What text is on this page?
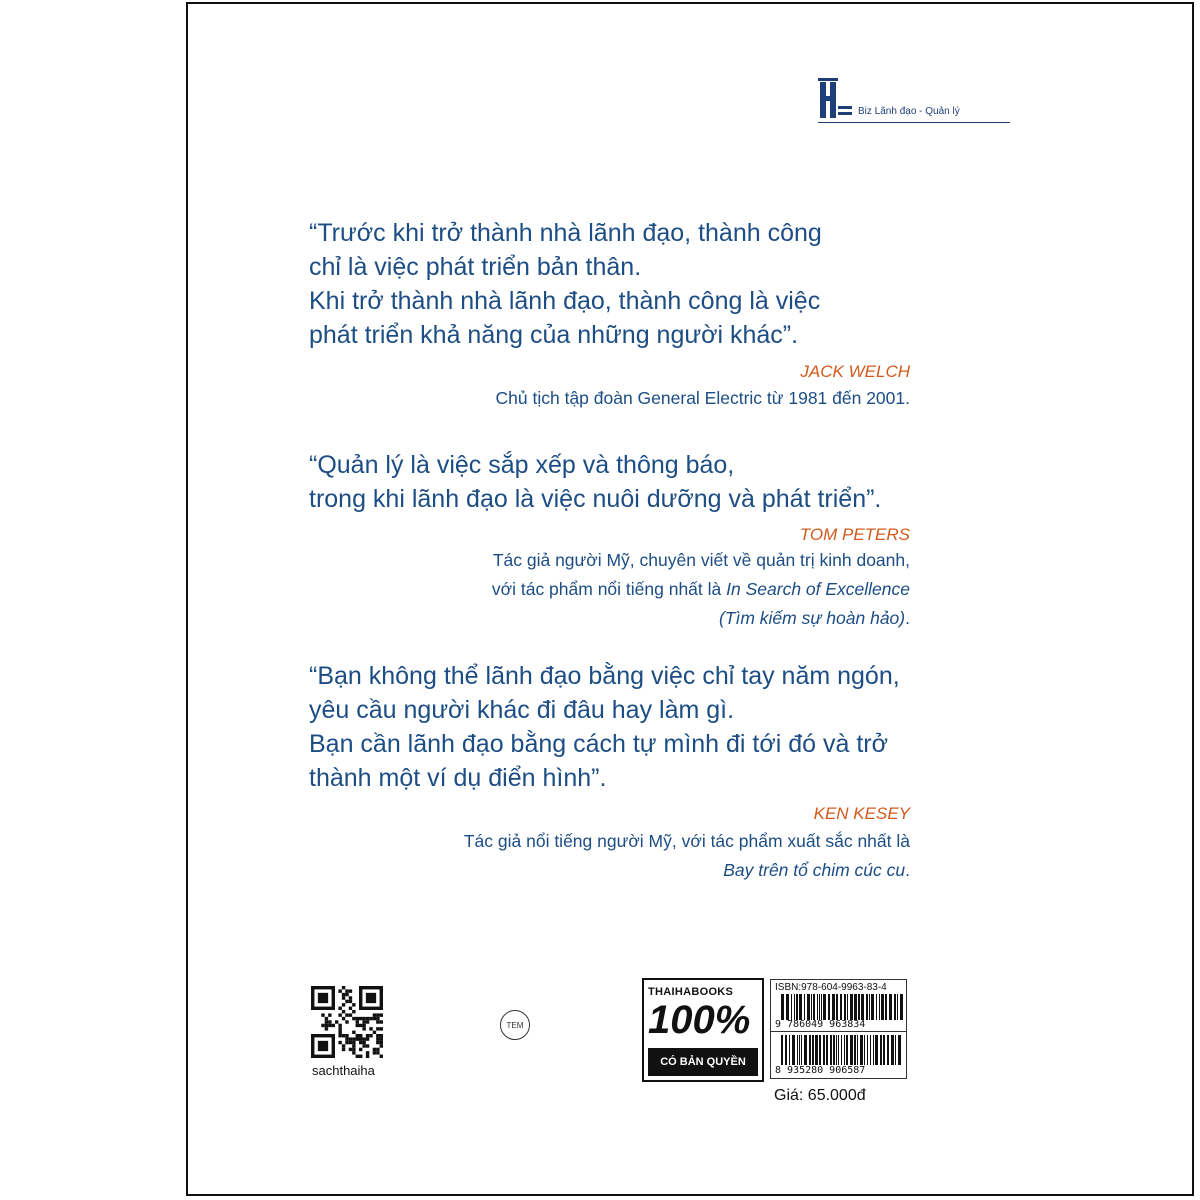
Biz Lãnh đạo - Quản lý
“Trước khi trở thành nhà lãnh đạo, thành công
chỉ là việc phát triển bản thân.
Khi trở thành nhà lãnh đạo, thành công là việc
phát triển khả năng của những người khác”.
JACK WELCH
Chủ tịch tập đoàn General Electric từ 1981 đến 2001.
“Quản lý là việc sắp xếp và thông báo,
trong khi lãnh đạo là việc nuôi dưỡng và phát triển”.
TOM PETERS
Tác giả người Mỹ, chuyên viết về quản trị kinh doanh,
với tác phẩm nổi tiếng nhất là In Search of Excellence
(Tìm kiếm sự hoàn hảo).
“Bạn không thể lãnh đạo bằng việc chỉ tay năm ngón,
yêu cầu người khác đi đâu hay làm gì.
Bạn cần lãnh đạo bằng cách tự mình đi tới đó và trở
thành một ví dụ điển hình”.
KEN KESEY
Tác giả nổi tiếng người Mỹ, với tác phẩm xuất sắc nhất là
Bay trên tổ chim cúc cu.
sachthaiha
TEM
THAIHABOOKS
100%
CÓ BẢN QUYỀN
ISBN:978-604-9963-83-4
9 786049 963834
8 935280 906587
Giá: 65.000đ
